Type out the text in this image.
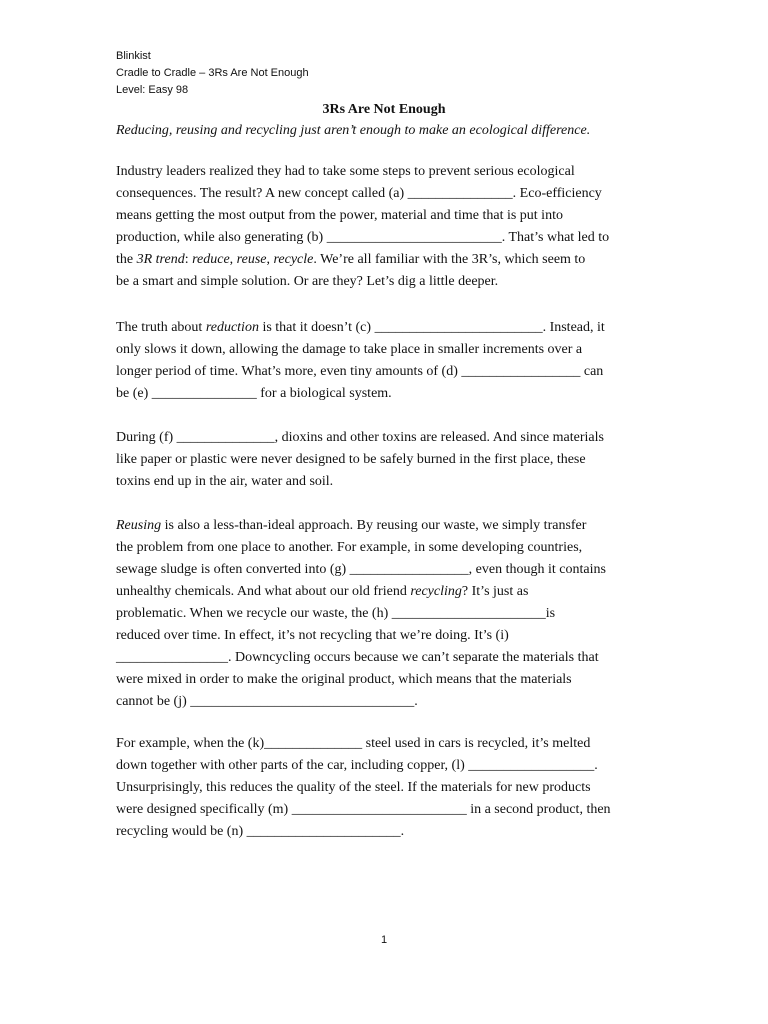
Blinkist
Cradle to Cradle – 3Rs Are Not Enough
Level: Easy 98
3Rs Are Not Enough
Reducing, reusing and recycling just aren’t enough to make an ecological difference.
Industry leaders realized they had to take some steps to prevent serious ecological
consequences. The result? A new concept called (a) _______________. Eco-efficiency
means getting the most output from the power, material and time that is put into
production, while also generating (b) _________________________. That’s what led to
the 3R trend: reduce, reuse, recycle. We’re all familiar with the 3R’s, which seem to
be a smart and simple solution. Or are they? Let’s dig a little deeper.
The truth about reduction is that it doesn’t (c) ________________________. Instead, it
only slows it down, allowing the damage to take place in smaller increments over a
longer period of time. What’s more, even tiny amounts of (d) _________________ can
be (e) _______________ for a biological system.
During (f) ______________, dioxins and other toxins are released. And since materials
like paper or plastic were never designed to be safely burned in the first place, these
toxins end up in the air, water and soil.
Reusing is also a less-than-ideal approach. By reusing our waste, we simply transfer
the problem from one place to another. For example, in some developing countries,
sewage sludge is often converted into (g) _________________, even though it contains
unhealthy chemicals. And what about our old friend recycling? It’s just as
problematic. When we recycle our waste, the (h) ______________________is
reduced over time. In effect, it’s not recycling that we’re doing. It’s (i)
________________. Downcycling occurs because we can’t separate the materials that
were mixed in order to make the original product, which means that the materials
cannot be (j) ________________________________.
For example, when the (k)______________ steel used in cars is recycled, it’s melted
down together with other parts of the car, including copper, (l) __________________.
Unsurprisingly, this reduces the quality of the steel. If the materials for new products
were designed specifically (m) _________________________ in a second product, then
recycling would be (n) ______________________.
1
